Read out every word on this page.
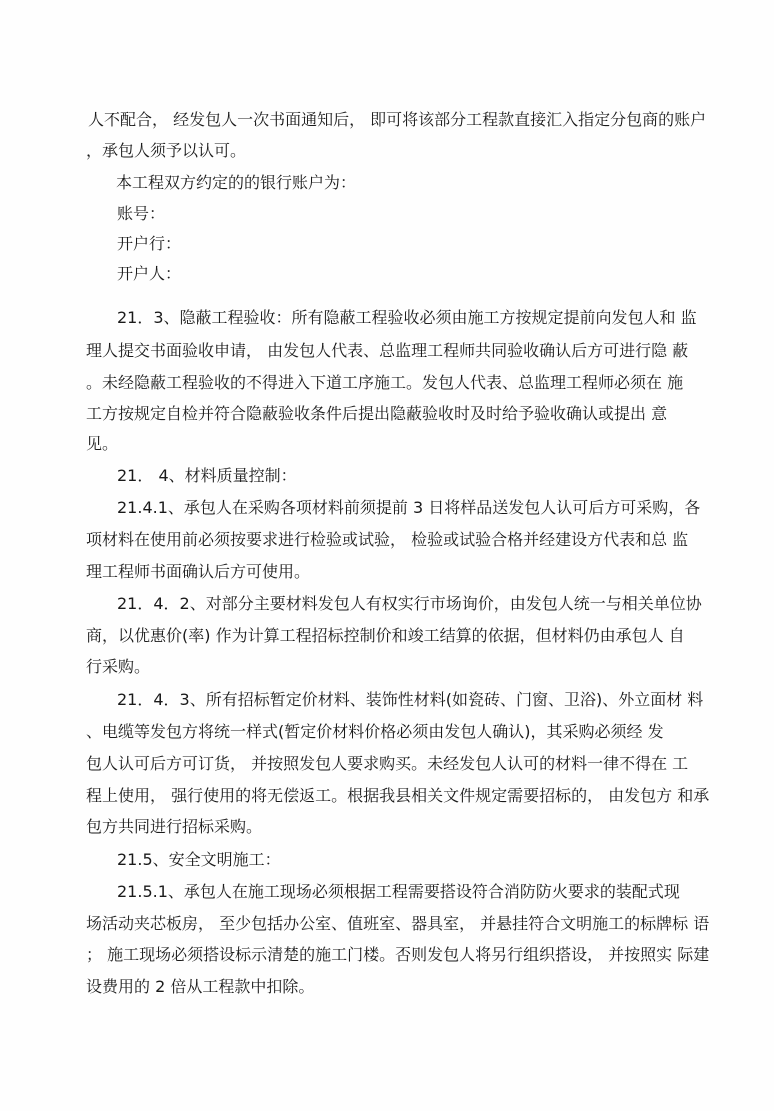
人不配合， 经发包人一次书面通知后， 即可将该部分工程款直接汇入指定分包商的账户
，承包人须予以认可。
本工程双方约定的的银行账户为：
账号：
开户行：
开户人：
21．3、隐蔽工程验收：所有隐蔽工程验收必须由施工方按规定提前向发包人和 监
理人提交书面验收申请， 由发包人代表、总监理工程师共同验收确认后方可进行隐 蔽
。未经隐蔽工程验收的不得进入下道工序施工。发包人代表、总监理工程师必须在 施
工方按规定自检并符合隐蔽验收条件后提出隐蔽验收时及时给予验收确认或提出 意
见。
21． 4、材料质量控制：
21.4.1、承包人在采购各项材料前须提前 3 日将样品送发包人认可后方可采购，各
项材料在使用前必须按要求进行检验或试验， 检验或试验合格并经建设方代表和总 监
理工程师书面确认后方可使用。
21．4．2、对部分主要材料发包人有权实行市场询价，由发包人统一与相关单位协
商，以优惠价(率) 作为计算工程招标控制价和竣工结算的依据，但材料仍由承包人 自
行采购。
21．4．3、所有招标暂定价材料、装饰性材料(如瓷砖、门窗、卫浴)、外立面材 料
、电缆等发包方将统一样式(暂定价材料价格必须由发包人确认)，其采购必须经 发
包人认可后方可订货， 并按照发包人要求购买。未经发包人认可的材料一律不得在 工
程上使用， 强行使用的将无偿返工。根据我县相关文件规定需要招标的， 由发包方 和承
包方共同进行招标采购。
21.5、安全文明施工：
21.5.1、承包人在施工现场必须根据工程需要搭设符合消防防火要求的装配式现
场活动夹芯板房， 至少包括办公室、值班室、器具室， 并悬挂符合文明施工的标牌标 语
； 施工现场必须搭设标示清楚的施工门楼。否则发包人将另行组织搭设， 并按照实 际建
设费用的 2 倍从工程款中扣除。
